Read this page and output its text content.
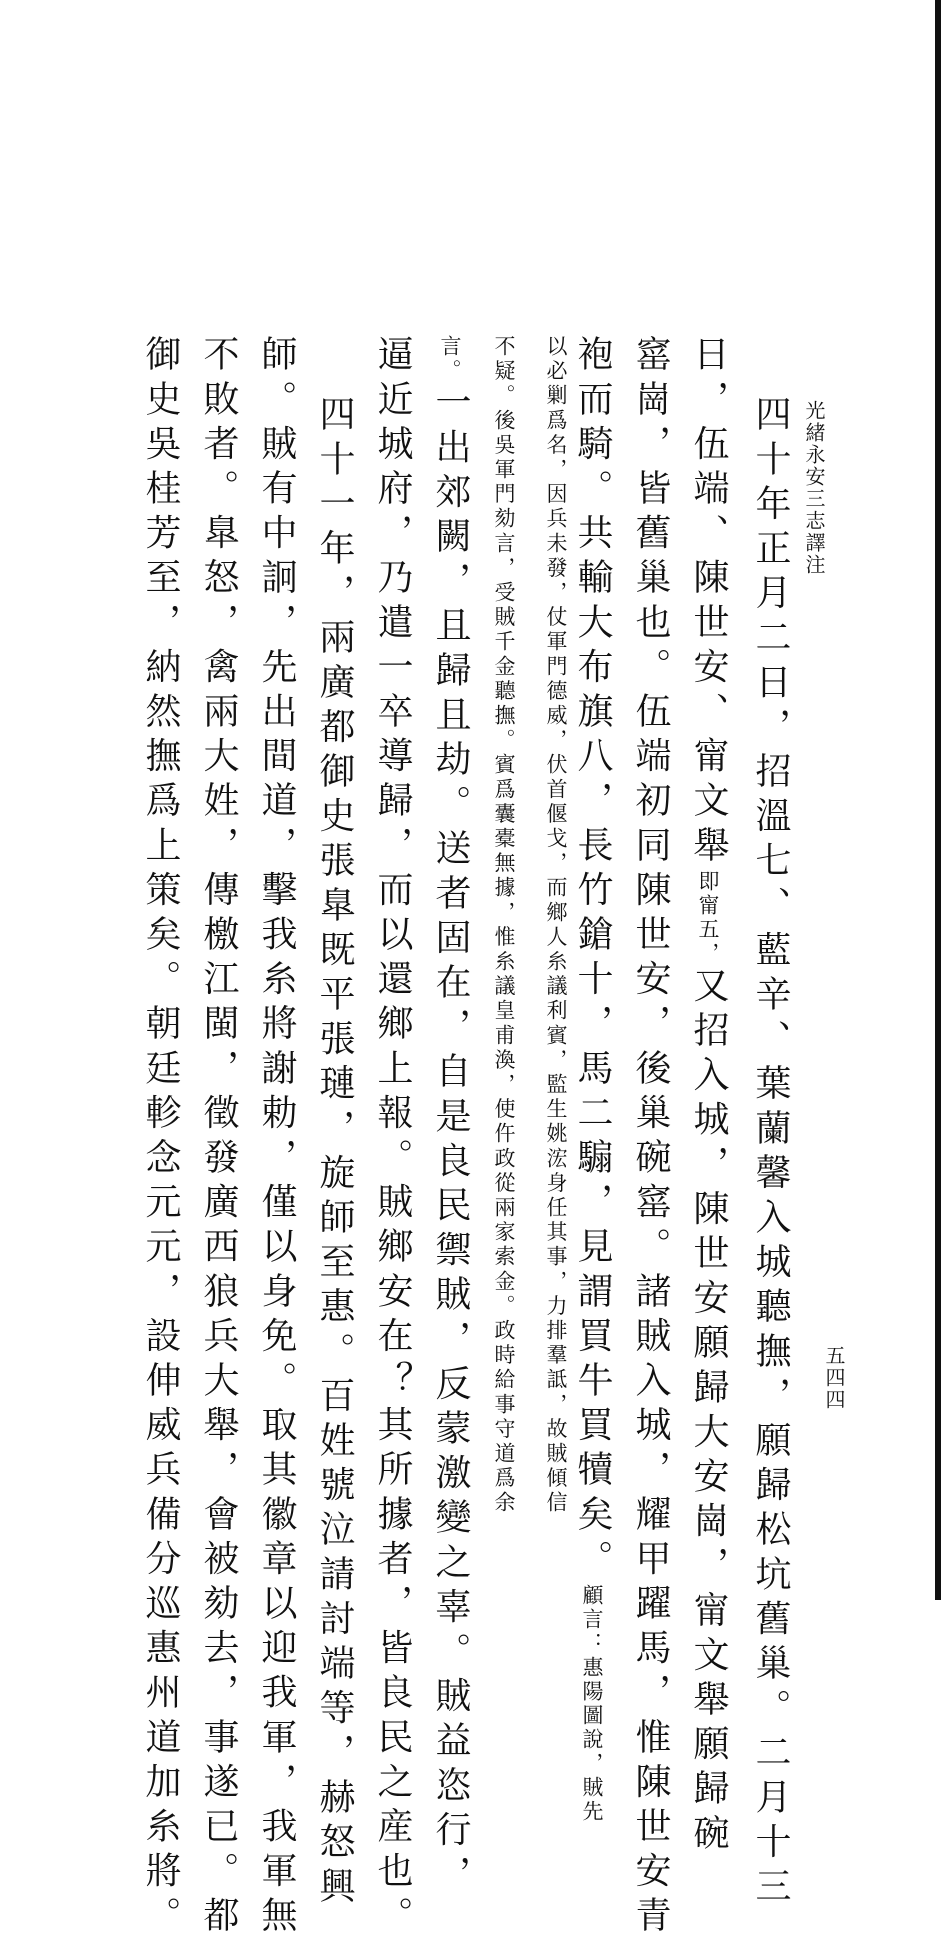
光緒永安三志譯注
五四四
四十年正月二日，招溫七、藍辛、葉蘭馨入城聽撫，願歸松坑舊巢。二月十三
日，伍端、陳世安、甯文舉即甯五，又招入城，陳世安願歸大安崗，甯文舉願歸碗
窰崗，皆舊巢也。伍端初同陳世安，後巢碗窰。諸賊入城，耀甲躍馬，惟陳世安青
袍而騎。共輸大布旗八，長竹鎗十，馬二騸，見謂買牛買犢矣。顧言：惠陽圖說，賊先
以必剿爲名，因兵未發，仗軍門德威，伏首偃戈，而鄉人糸議利賓，監生姚浤身任其事，力排羣詆，故賊傾信
不疑。後吳軍門劾言，受賊千金聽撫。賓爲囊橐無據，惟糸議皇甫渙，使仵政從兩家索金。政時給事守道爲余
言。一出郊闕，且歸且劫。送者固在，自是良民禦賊，反蒙激變之辜。賊益恣行，
逼近城府，乃遣一卒導歸，而以還鄉上報。賊鄉安在？其所據者，皆良民之産也。
四十一年，兩廣都御史張臯既平張璉，旋師至惠。百姓號泣請討端等，赫怒興
師。賊有中詗，先出間道，擊我糸將謝勅，僅以身免。取其徽章以迎我軍，我軍無
不敗者。臯怒，禽兩大姓，傳檄江閩，徵發廣西狼兵大舉，會被劾去，事遂已。都
御史吳桂芳至，納然撫爲上策矣。朝廷軫念元元，設伸威兵備分巡惠州道加糸將。
